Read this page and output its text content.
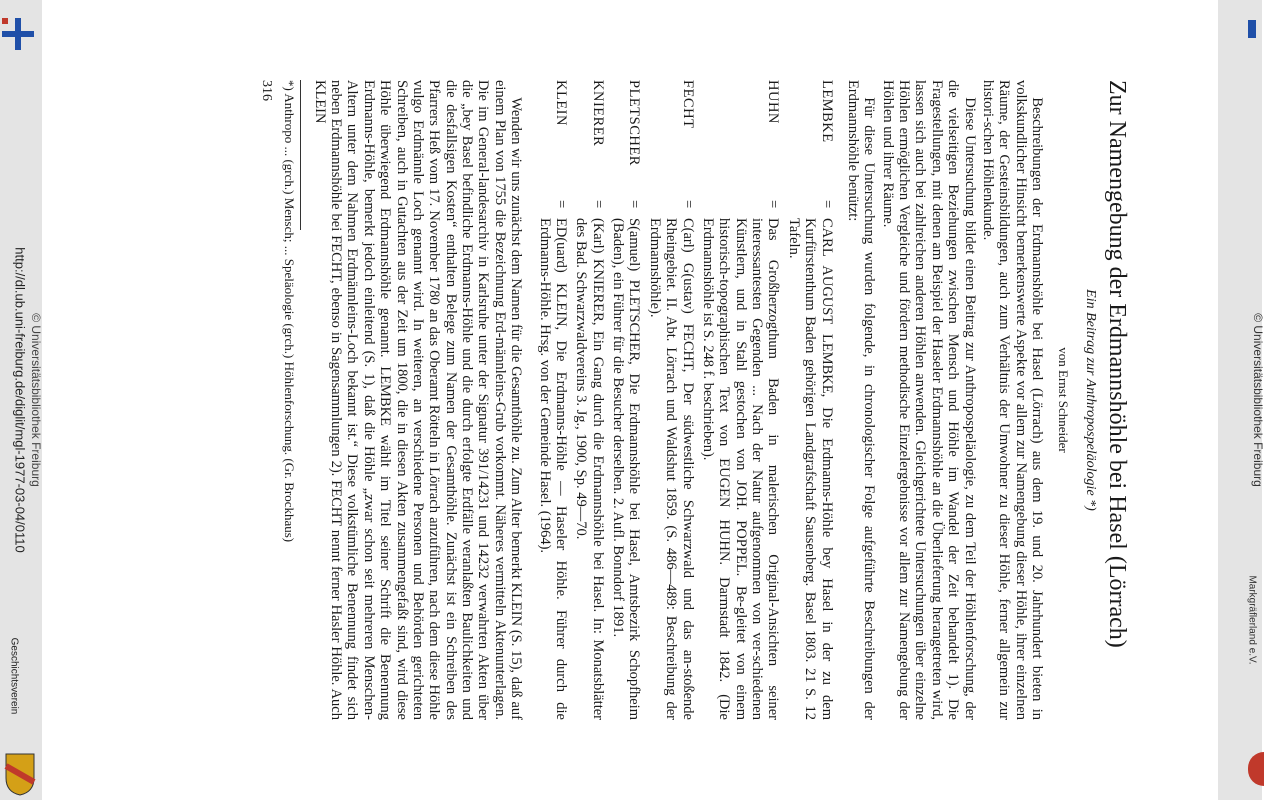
http://dl.ub.uni-freiburg.de/diglit/mgl-1977-03-04/0110 © Universitätsbibliothek Freiburg
Geschichtsverein
© Universitätsbibliothek Freiburg
Markgräflerland e.V.
Zur Namengebung der Erdmannshöhle bei Hasel (Lörrach)
Ein Beitrag zur Anthropospeläologie *)
von Ernst Schneider

Beschreibungen der Erdmannshöhle bei Hasel (Lörrach) aus dem 19. und 20. Jahrhundert bieten in volkskundlicher Hinsicht bemerkenswerte Aspekte vor allem zur Namengebung dieser Höhle, ihrer einzelnen Räume, der Gesteinsbildungen, auch zum Verhältnis der Umwohner zu dieser Höhle, ferner allgemein zur histori-schen Höhlenkunde.

Diese Untersuchung bildet einen Beitrag zur Anthropospeläologie, zu dem Teil der Höhlenforschung, der die vielseitigen Beziehungen zwischen Mensch und Höhle im Wandel der Zeit behandelt 1). Die Fragestellungen, mit denen am Beispiel der Haseler Erdmannshöhle an die Überlieferung herangetreten wird, lassen sich auch bei zahlreichen anderen Höhlen anwenden. Gleichgerichtete Untersuchungen über einzelne Höhlen ermöglichen Vergleiche und fördern methodische Einzelergebnisse vor allem zur Namengebung der Höhlen und ihrer Räume.

Für diese Untersuchung wurden folgende, in chronologischer Folge aufgeführte Beschreibungen der Erdmannshöhle benützt:

LEMBKE
=
CARL AUGUST LEMBKE, Die Erdmanns-Höhle bey Hasel in der zu dem Kurfürstenthum Baden gehörigen Landgrafschaft Sausenberg. Basel 1803. 21 S. 12 Tafeln.
HUHN
=
Das Großherzogthum Baden in malerischen Original-Ansichten seiner interessantesten Gegenden ... Nach der Natur aufgenommen von ver-schiedenen Künstlern, und in Stahl gestochen von JOH. POPPEL. Be-gleitet von einem historisch-topographischen Text von EUGEN HUHN. Darmstadt 1842. (Die Erdmannshöhle ist S. 248 f. beschrieben).
FECHT
=
C(arl) G(ustav) FECHT, Der südwestliche Schwarzwald und das an-stoßende Rheingebiet. II. Abt. Lörrach und Waldshut 1859. (S. 486—489: Beschreibung der Erdmannshöhle).
PLETSCHER
=
S(amuel) PLETSCHER, Die Erdmannshöhle bei Hasel, Amtsbezirk Schopfheim (Baden), ein Führer für die Besucher derselben. 2. Aufl. Bonndorf 1891.
KNIERER
=
(Karl) KNIERER, Ein Gang durch die Erdmannshöhle bei Hasel. In: Monatsblätter des Bad. Schwarzwaldvereins 3. Jg., 1900, Sp. 49—70.
KLEIN
=
ED(uard) KLEIN, Die Erdmanns-Höhle — Haseler Höhle. Führer durch die Erdmanns-Höhle. Hrsg. von der Gemeinde Hasel. (1964).

Wenden wir uns zunächst dem Namen für die Gesamthöhle zu. Zum Alter bemerkt KLEIN (S. 15), daß auf einem Plan von 1755 die Bezeichnung Erd-männleins-Grub vorkommt. Näheres vermitteln Aktenunterlagen. Die im General-landesarchiv in Karlsruhe unter der Signatur 391/14231 und 14232 verwahrten Akten über die „bey Basel befindliche Erdmanns-Höhle und die durch erfolgte Erdfälle veranlaßten Baulichkeiten und die desfallsigen Kosten“ enthalten Belege zum Namen der Gesamthöhle. Zunächst ist ein Schreiben des Pfarrers Heß vom 17. November 1780 an das Oberamt Rötteln in Lörrach anzuführen, nach dem diese Höhle vulgo Erdmännle Loch genannt wird. In weiteren, an verschiedene Personen und Behörden gerichteten Schreiben, auch in Gutachten aus der Zeit um 1800, die in diesen Akten zusammengefaßt sind, wird diese Höhle überwiegend Erdmannshöhle genannt. LEMBKE wählt im Titel seiner Schrift die Benennung Erdmanns-Höhle, bemerkt jedoch einleitend (S. 1), daß die Höhle „zwar schon seit mehreren Menschen-Altern unter dem Nahmen Erdmännleins-Loch bekannt ist.“ Diese volkstümliche Benennung findet sich neben Erdmannshöhle bei FECHT, ebenso in Sagensammlungen 2). FECHT nennt ferner Hasler Höhle. Auch KLEIN

*) Anthropo ... (grch.) Mensch; ... Speläologie (grch.) Höhlenforschung. (Gr. Brockhaus)
316
